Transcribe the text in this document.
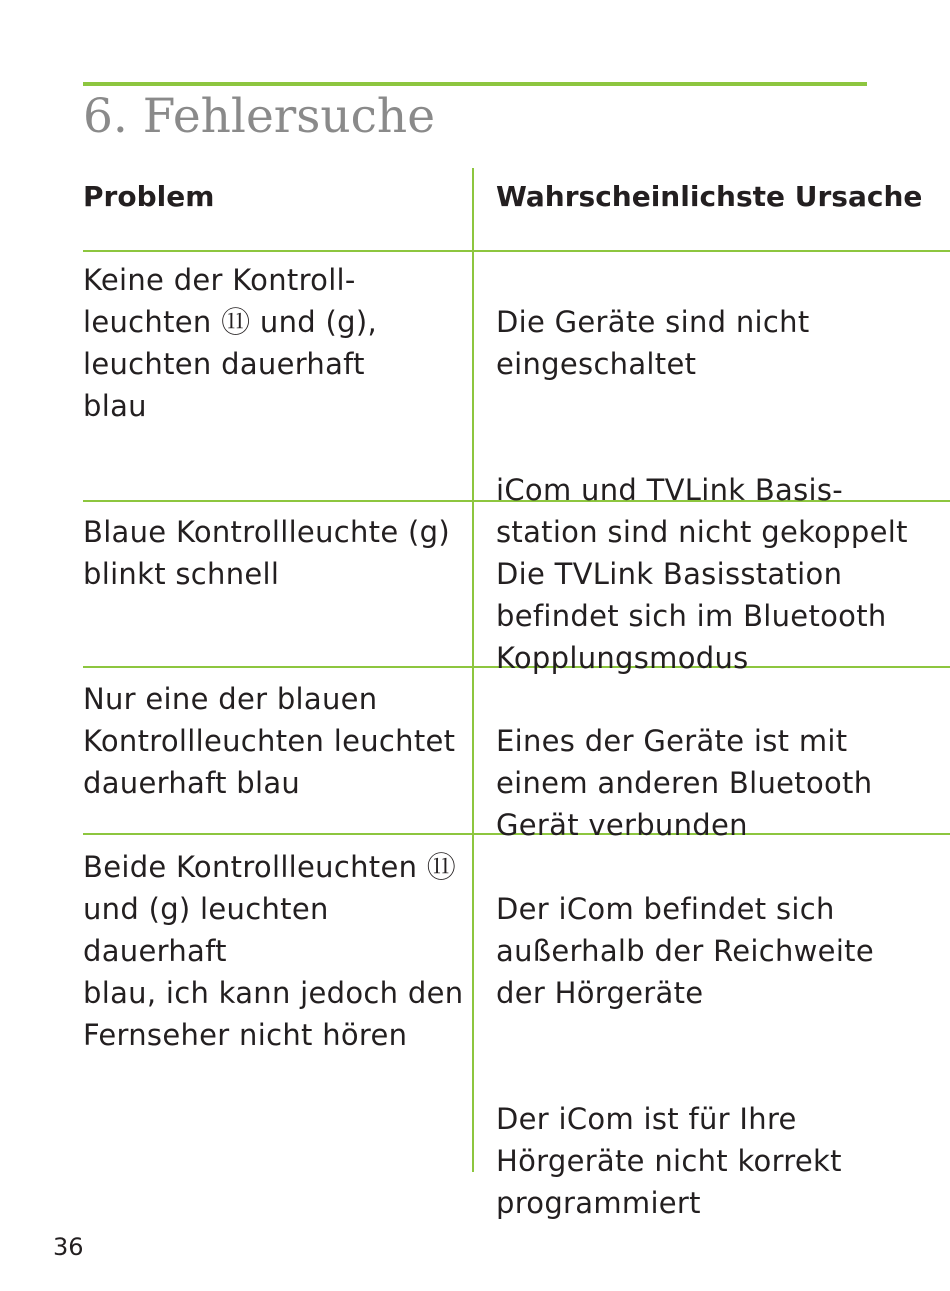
6. Fehlersuche
Problem	Wahrscheinlichste Ursache
Keine der Kontroll-
leuchten ⑪ und (g),
leuchten dauerhaft
blau

Die Geräte sind nicht
eingeschaltet

iCom und TVLink Basis-
station sind nicht gekoppelt

Blaue Kontrollleuchte (g)
blinkt schnell	Die TVLink Basisstation
befindet sich im Bluetooth
Kopplungsmodus

Nur eine der blauen
Kontrollleuchten leuchtet
dauerhaft blau

Eines der Geräte ist mit
einem anderen Bluetooth
Gerät verbunden

Beide Kontrollleuchten ⑪
und (g) leuchten dauerhaft
blau, ich kann jedoch den
Fernseher nicht hören

Der iCom befindet sich
außerhalb der Reichweite
der Hörgeräte

Der iCom ist für Ihre
Hörgeräte nicht korrekt
programmiert

36
